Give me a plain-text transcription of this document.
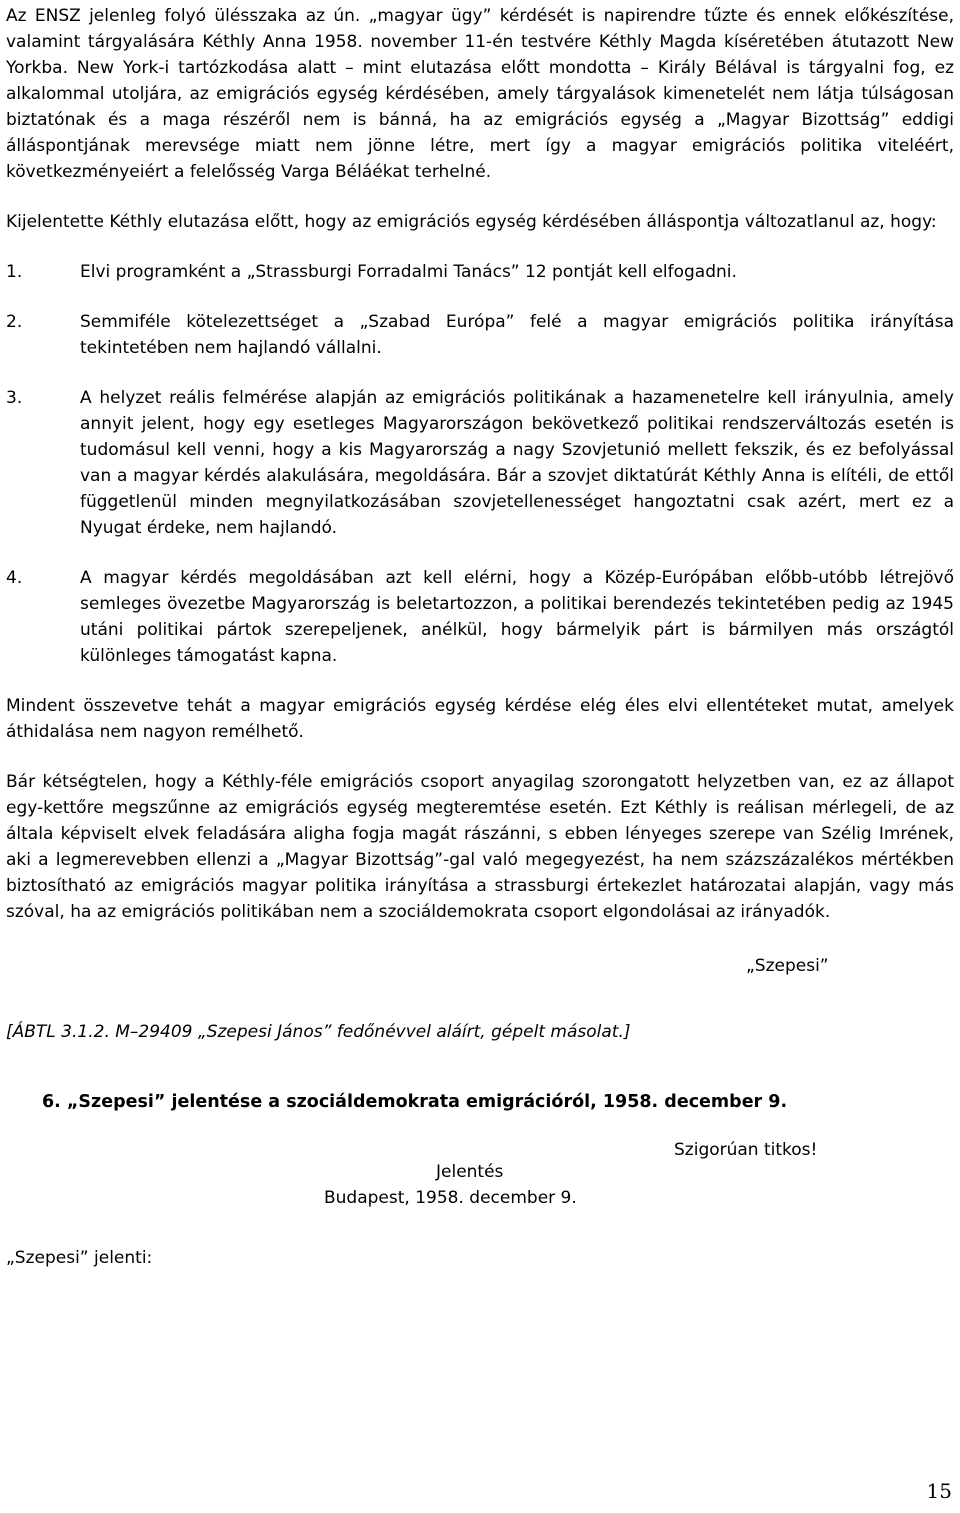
Az ENSZ jelenleg folyó ülésszaka az ún. „magyar ügy” kérdését is napirendre tűzte és ennek előkészítése, valamint tárgyalására Kéthly Anna 1958. november 11-én testvére Kéthly Magda kíséretében átutazott New Yorkba. New York-i tartózkodása alatt – mint elutazása előtt mondotta – Király Bélával is tárgyalni fog, ez alkalommal utoljára, az emigrációs egység kérdésében, amely tárgyalások kimenetelét nem látja túlságosan biztatónak és a maga részéről nem is bánná, ha az emigrációs egység a „Magyar Bizottság” eddigi álláspontjának merevsége miatt nem jönne létre, mert így a magyar emigrációs politika viteléért, következményeiért a felelősség Varga Béláékat terhelné.

Kijelentette Kéthly elutazása előtt, hogy az emigrációs egység kérdésében álláspontja változatlanul az, hogy:

1.	Elvi programként a „Strassburgi Forradalmi Tanács” 12 pontját kell elfogadni.
2.	Semmiféle kötelezettséget a „Szabad Európa” felé a magyar emigrációs politika irányítása tekintetében nem hajlandó vállalni.
3.	A helyzet reális felmérése alapján az emigrációs politikának a hazamenetelre kell irányulnia, amely annyit jelent, hogy egy esetleges Magyarországon bekövetkező politikai rendszerváltozás esetén is tudomásul kell venni, hogy a kis Magyarország a nagy Szovjetunió mellett fekszik, és ez befolyással van a magyar kérdés alakulására, megoldására. Bár a szovjet diktatúrát Kéthly Anna is elítéli, de ettől függetlenül minden megnyilatkozásában szovjetellenességet hangoztatni csak azért, mert ez a Nyugat érdeke, nem hajlandó.
4.	A magyar kérdés megoldásában azt kell elérni, hogy a Közép-Európában előbb-utóbb létrejövő semleges övezetbe Magyarország is beletartozzon, a politikai berendezés tekintetében pedig az 1945 utáni politikai pártok szerepeljenek, anélkül, hogy bármelyik párt is bármilyen más országtól különleges támogatást kapna.

Mindent összevetve tehát a magyar emigrációs egység kérdése elég éles elvi ellentéteket mutat, amelyek áthidalása nem nagyon remélhető.

Bár kétségtelen, hogy a Kéthly-féle emigrációs csoport anyagilag szorongatott helyzetben van, ez az állapot egy-kettőre megszűnne az emigrációs egység megteremtése esetén. Ezt Kéthly is reálisan mérlegeli, de az általa képviselt elvek feladására aligha fogja magát rászánni, s ebben lényeges szerepe van Szélig Imrének, aki a legmerevebben ellenzi a „Magyar Bizottság”-gal való megegyezést, ha nem százszázalékos mértékben biztosítható az emigrációs magyar politika irányítása a strassburgi értekezlet határozatai alapján, vagy más szóval, ha az emigrációs politikában nem a szociáldemokrata csoport elgondolásai az irányadók.

„Szepesi”
[ÁBTL 3.1.2. M–29409 „Szepesi János” fedőnévvel aláírt, gépelt másolat.]
6. „Szepesi” jelentése a szociáldemokrata emigrációról, 1958. december 9.
Szigorúan titkos!
Jelentés
Budapest, 1958. december 9.
„Szepesi” jelenti:
15
